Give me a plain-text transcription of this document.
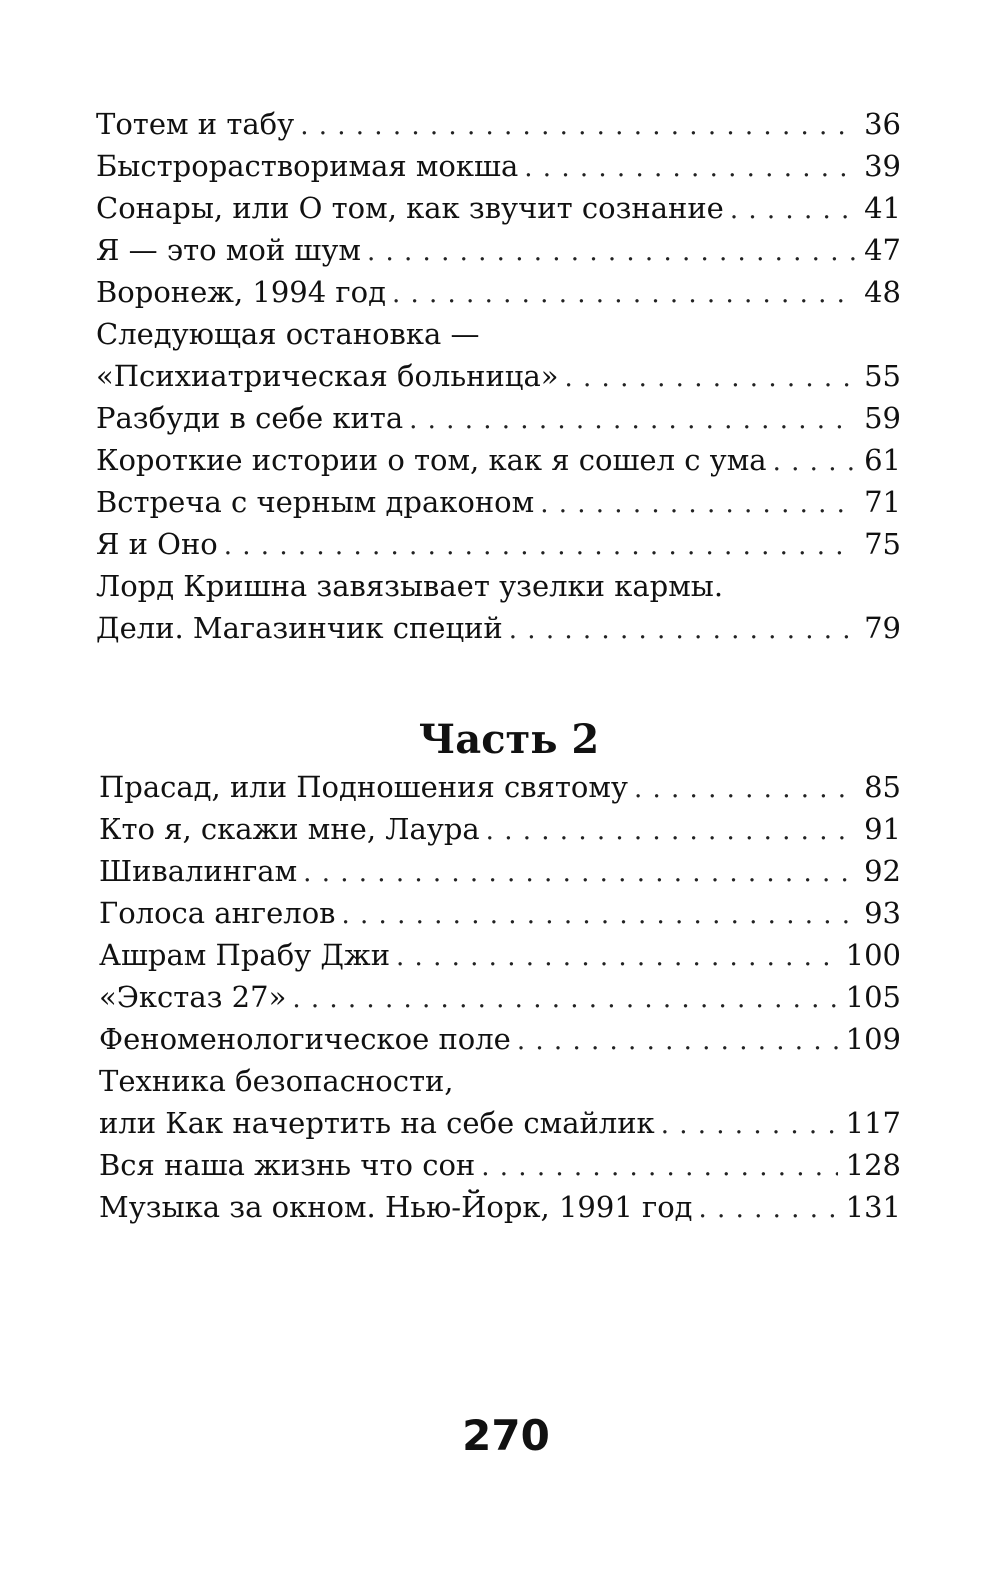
Тотем и табу . . .	36
Быстрорастворимая мокша . . .	39
Сонары, или О том, как звучит сознание . . .	41
Я — это мой шум . . .	47
Воронеж, 1994 год . . .	48
Следующая остановка —
«Психиатрическая больница» . . .	55
Разбуди в себе кита . . .	59
Короткие истории о том, как я сошел с ума . . .	61
Встреча с черным драконом . . .	71
Я и Оно . . .	75
Лорд Кришна завязывает узелки кармы.
Дели. Магазинчик специй . . .	79
Часть 2
Прасад, или Подношения святому . . .	85
Кто я, скажи мне, Лаура . . .	91
Шивалингам . . .	92
Голоса ангелов . . .	93
Ашрам Прабу Джи . . .	100
«Экстаз 27» . . .	105
Феноменологическое поле . . .	109
Техника безопасности,
или Как начертить на себе смайлик . . .	117
Вся наша жизнь что сон . . .	128
Музыка за окном. Нью-Йорк, 1991 год . . .	131
270
